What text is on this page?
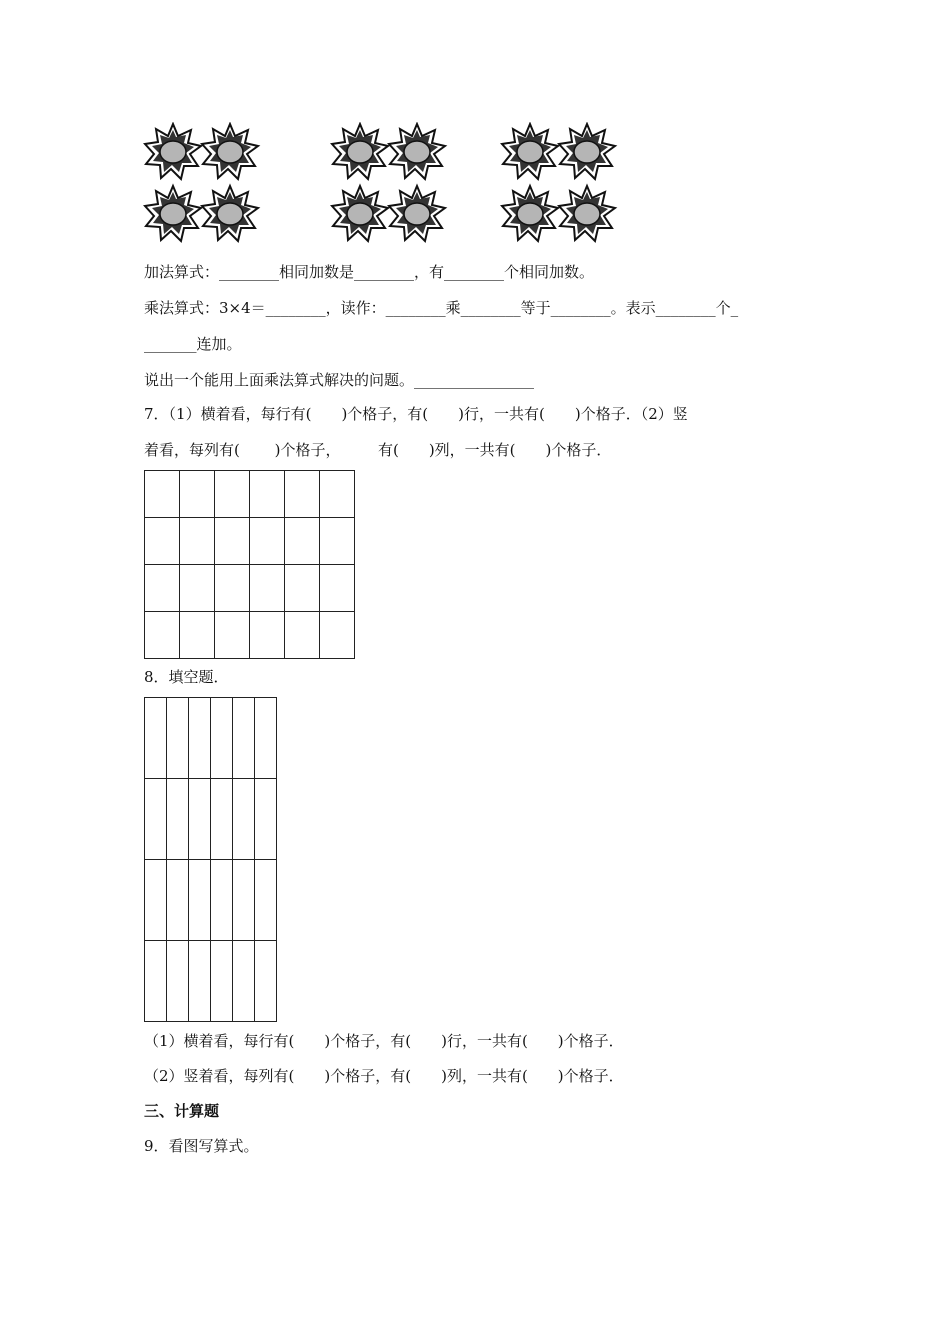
加法算式：________相同加数是________，有________个相同加数。
乘法算式：3×4＝________，读作：________乘________等于________。表示________个_
_______连加。
说出一个能用上面乘法算式解决的问题。________________
7．（1）横着看，每行有(　　)个格子，有(　　)行，一共有(　　)个格子．（2）竖
着看，每列有(　　 )个格子，　　　有(　　)列，一共有(　　)个格子．

8．填空题．

（1）横着看，每行有(　　)个格子，有(　　)行，一共有(　　)个格子．
（2）竖着看，每列有(　　)个格子，有(　　)列，一共有(　　)个格子．
三、计算题
9．看图写算式。
